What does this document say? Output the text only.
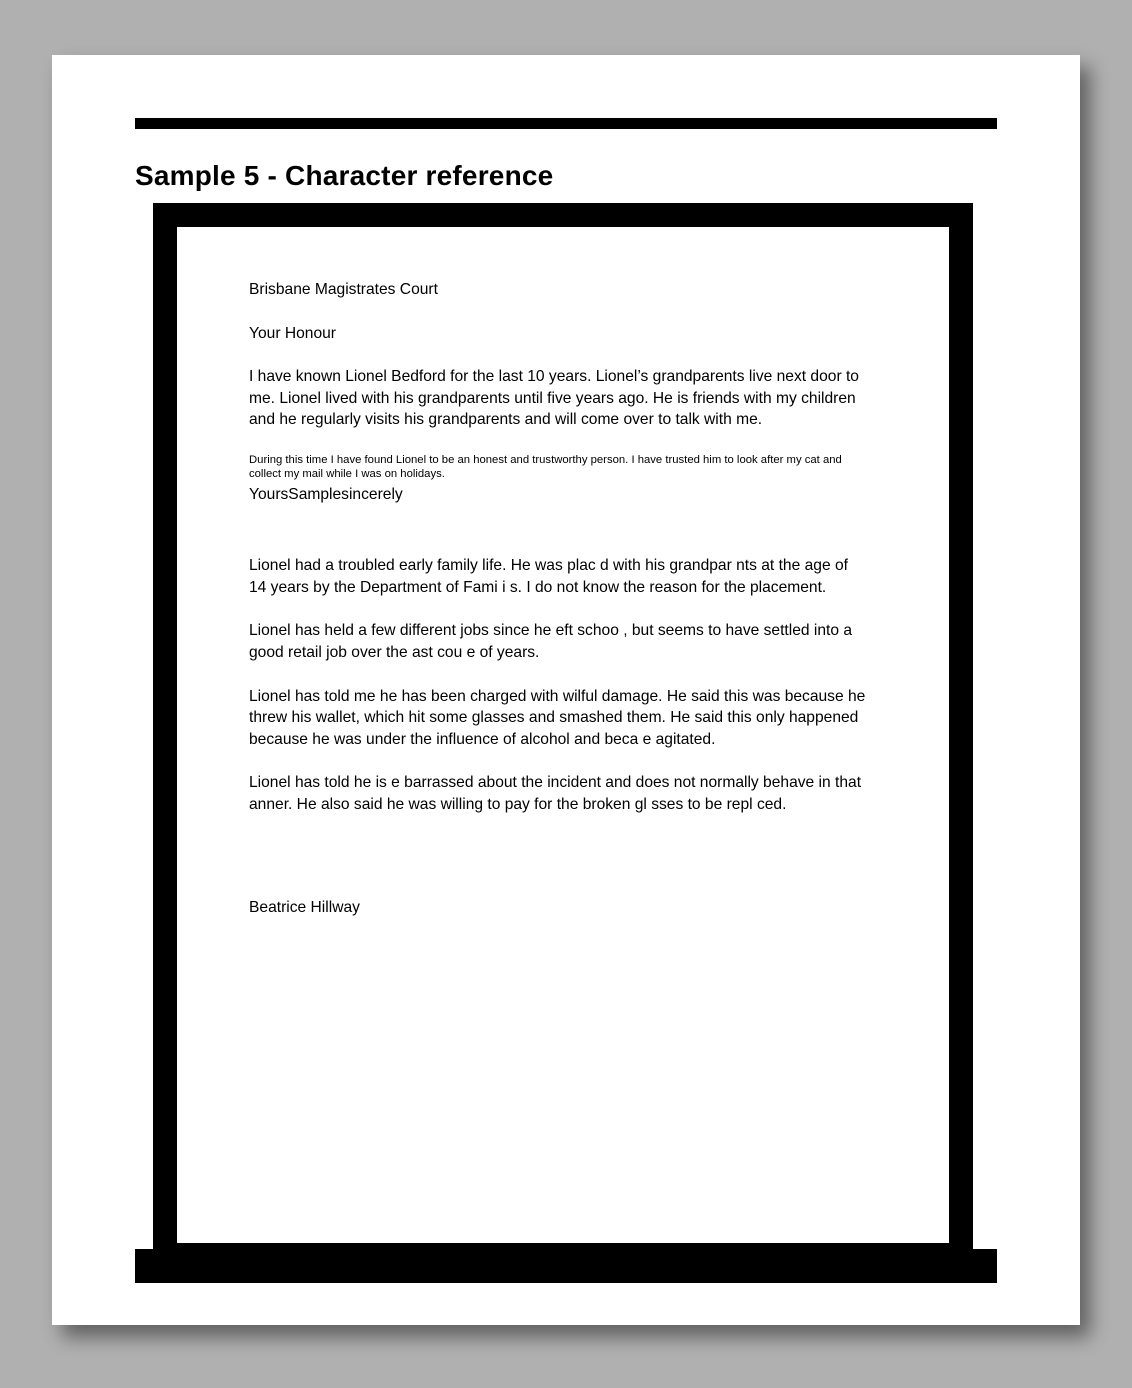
Sample 5 - Character reference

Brisbane Magistrates Court

Your Honour

I have known Lionel Bedford for the last 10 years. Lionel’s grandparents live next door to me. Lionel lived with his grandparents until five years ago. He is friends with my children and he regularly visits his grandparents and will come over to talk with me.

During this time I have found Lionel to be an honest and trustworthy person. I have trusted him to look after my cat and collect my mail while I was on holidays.

YoursSamplesincerely

Lionel had a troubled early family life. He was plac d with his grandpar nts at the age of 14 years by the Department of Fami i s. I do not know the reason for the placement.

Lionel has held a few different jobs since he eft schoo , but seems to have settled into a good retail job over the ast cou e of years.

Lionel has told me he has been charged with wilful damage. He said this was because he threw his wallet, which hit some glasses and smashed them. He said this only happened because he was under the influence of alcohol and beca e agitated.

Lionel has told he is e barrassed about the incident and does not normally behave in that anner. He also said he was willing to pay for the broken gl sses to be repl ced.

Beatrice Hillway
